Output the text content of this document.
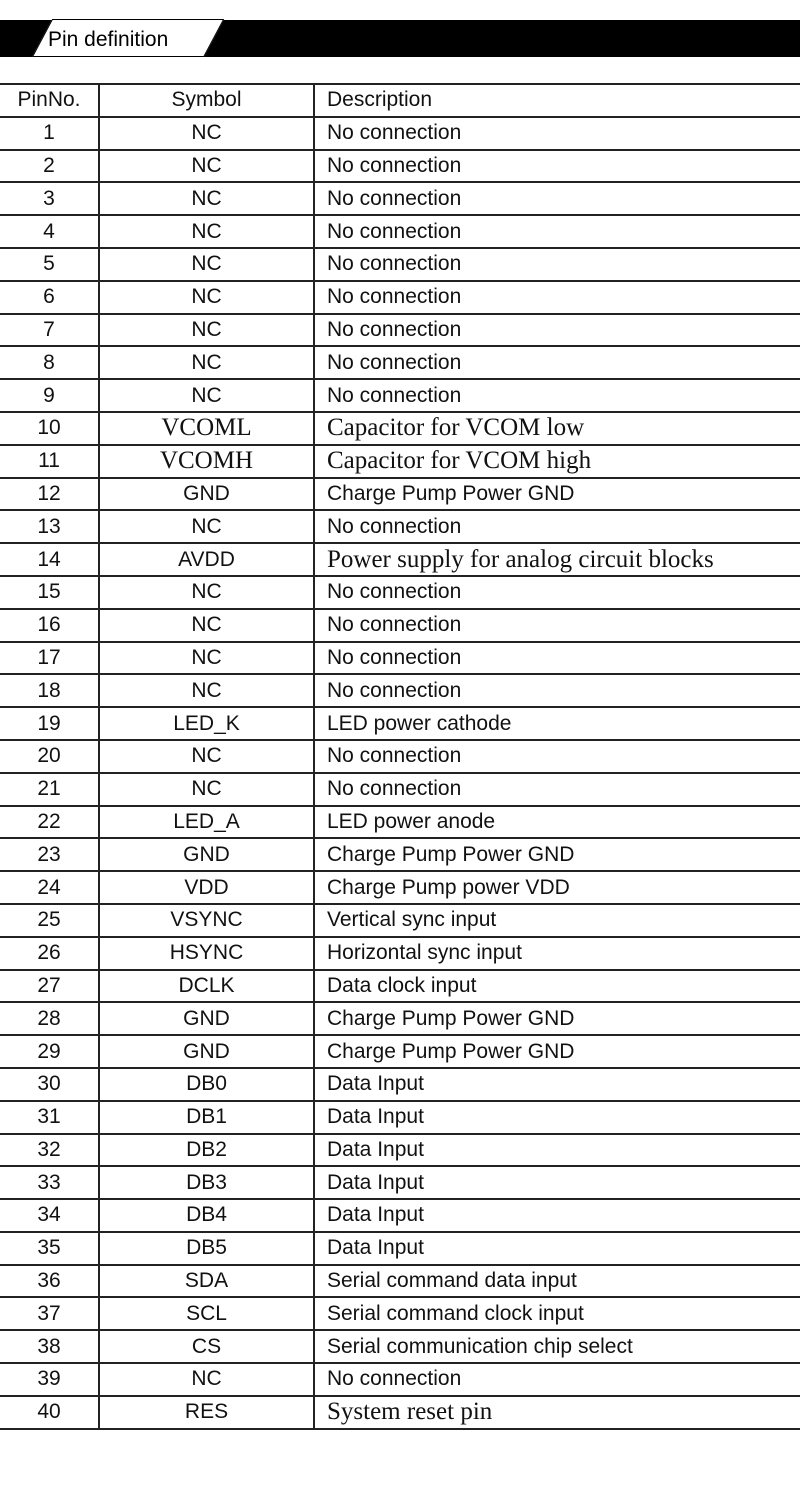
Pin definition
PinNo.	Symbol	Description
1	NC	No connection
2	NC	No connection
3	NC	No connection
4	NC	No connection
5	NC	No connection
6	NC	No connection
7	NC	No connection
8	NC	No connection
9	NC	No connection
10	VCOML	Capacitor for VCOM low
11	VCOMH	Capacitor for VCOM high
12	GND	Charge Pump Power GND
13	NC	No connection
14	AVDD	Power supply for analog circuit blocks
15	NC	No connection
16	NC	No connection
17	NC	No connection
18	NC	No connection
19	LED_K	LED power cathode
20	NC	No connection
21	NC	No connection
22	LED_A	LED power anode
23	GND	Charge Pump Power GND
24	VDD	Charge Pump power VDD
25	VSYNC	Vertical sync input
26	HSYNC	Horizontal sync input
27	DCLK	Data clock input
28	GND	Charge Pump Power GND
29	GND	Charge Pump Power GND
30	DB0	Data Input
31	DB1	Data Input
32	DB2	Data Input
33	DB3	Data Input
34	DB4	Data Input
35	DB5	Data Input
36	SDA	Serial command data input
37	SCL	Serial command clock input
38	CS	Serial communication chip select
39	NC	No connection
40	RES	System reset pin
